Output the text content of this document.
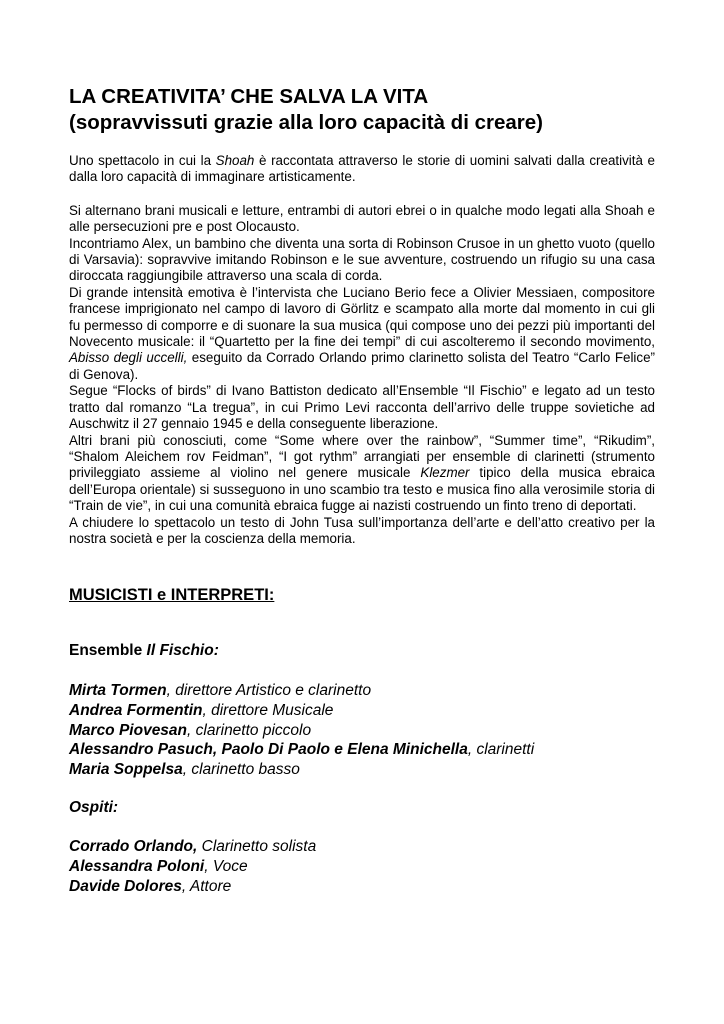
LA CREATIVITA’ CHE SALVA LA VITA
(sopravvissuti grazie alla loro capacità di creare)

Uno spettacolo in cui la Shoah è raccontata attraverso le storie di uomini salvati dalla creatività e dalla loro capacità di immaginare artisticamente.

Si alternano brani musicali e letture, entrambi di autori ebrei o in qualche modo legati alla Shoah e alle persecuzioni pre e post Olocausto.

Incontriamo Alex, un bambino che diventa una sorta di Robinson Crusoe in un ghetto vuoto (quello di Varsavia): sopravvive imitando Robinson e le sue avventure, costruendo un rifugio su una casa diroccata raggiungibile attraverso una scala di corda.

Di grande intensità emotiva è l’intervista che Luciano Berio fece a Olivier Messiaen, compositore francese imprigionato nel campo di lavoro di Görlitz e scampato alla morte dal momento in cui gli fu permesso di comporre e di suonare la sua musica (qui compose uno dei pezzi più importanti del Novecento musicale: il “Quartetto per la fine dei tempi” di cui ascolteremo il secondo movimento, Abisso degli uccelli, eseguito da Corrado Orlando primo clarinetto solista del Teatro “Carlo Felice” di Genova).

Segue “Flocks of birds” di Ivano Battiston dedicato all’Ensemble “Il Fischio” e legato ad un testo tratto dal romanzo “La tregua”, in cui Primo Levi racconta dell’arrivo delle truppe sovietiche ad Auschwitz il 27 gennaio 1945 e della conseguente liberazione.

Altri brani più conosciuti, come “Some where over the rainbow”, “Summer time”, “Rikudim”, “Shalom Aleichem rov Feidman”, “I got rythm” arrangiati per ensemble di clarinetti (strumento privileggiato assieme al violino nel genere musicale Klezmer tipico della musica ebraica dell’Europa orientale) si susseguono in uno scambio tra testo e musica fino alla verosimile storia di “Train de vie”, in cui una comunità ebraica fugge ai nazisti costruendo un finto treno di deportati.

A chiudere lo spettacolo un testo di John Tusa sull’importanza dell’arte e dell’atto creativo per la nostra società e per la coscienza della memoria.

MUSICISTI e INTERPRETI:
Ensemble Il Fischio:
Mirta Tormen, direttore Artistico e clarinetto
Andrea Formentin, direttore Musicale
Marco Piovesan, clarinetto piccolo
Alessandro Pasuch, Paolo Di Paolo e Elena Minichella, clarinetti
Maria Soppelsa, clarinetto basso
Ospiti:
Corrado Orlando, Clarinetto solista
Alessandra Poloni, Voce
Davide Dolores, Attore
